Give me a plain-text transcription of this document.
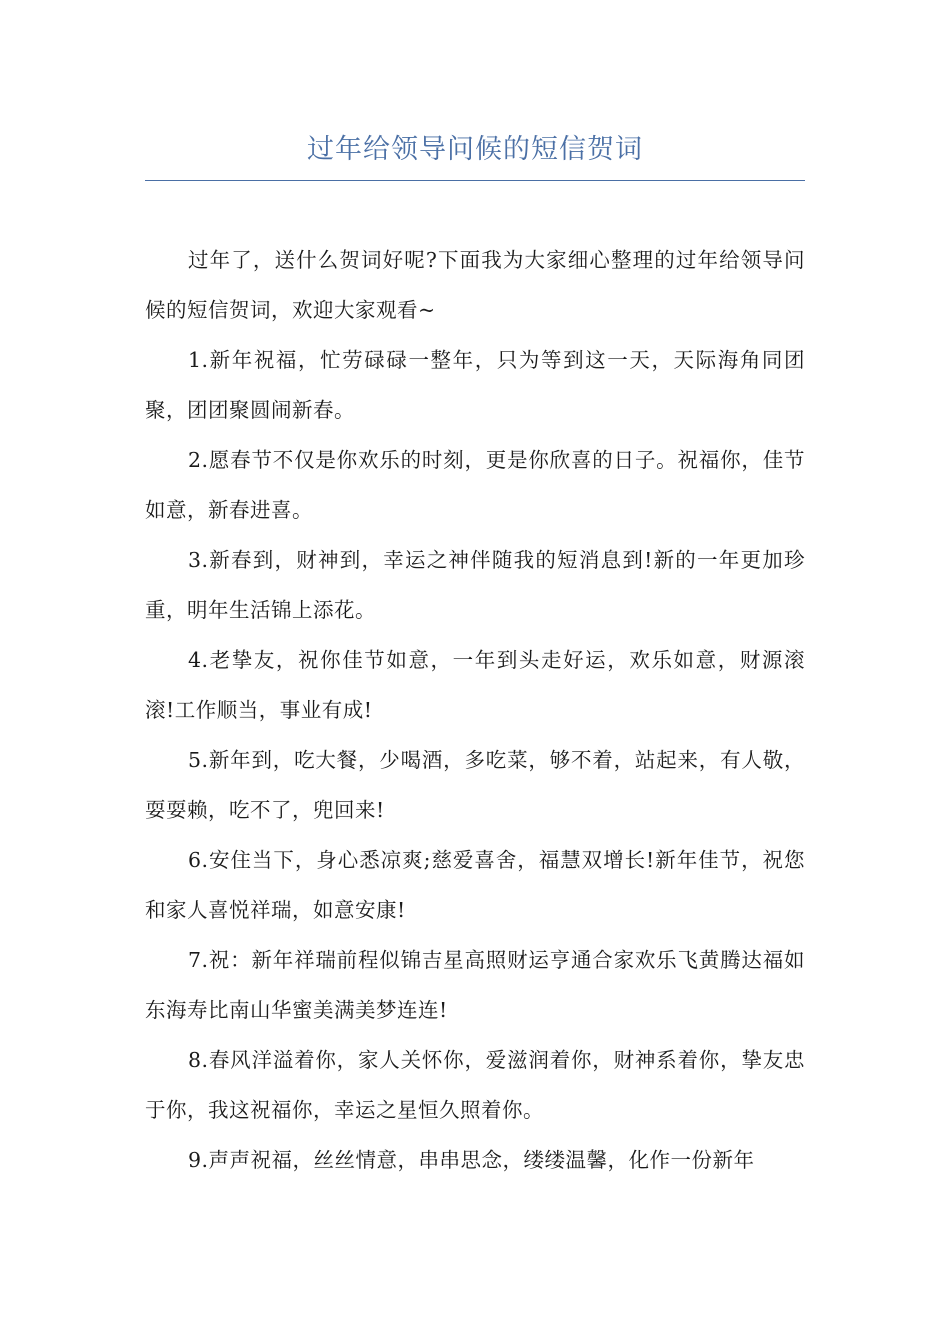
过年给领导问候的短信贺词

过年了，送什么贺词好呢?下面我为大家细心整理的过年给领导问候的短信贺词，欢迎大家观看~

1.新年祝福，忙劳碌碌一整年，只为等到这一天，天际海角同团聚，团团聚圆闹新春。

2.愿春节不仅是你欢乐的时刻，更是你欣喜的日子。祝福你，佳节如意，新春进喜。

3.新春到，财神到，幸运之神伴随我的短消息到!新的一年更加珍重，明年生活锦上添花。

4.老挚友，祝你佳节如意，一年到头走好运，欢乐如意，财源滚滚!工作顺当，事业有成!

5.新年到，吃大餐，少喝酒，多吃菜，够不着，站起来，有人敬，耍耍赖，吃不了，兜回来!

6.安住当下，身心悉凉爽;慈爱喜舍，福慧双增长!新年佳节，祝您和家人喜悦祥瑞，如意安康!

7.祝：新年祥瑞前程似锦吉星高照财运亨通合家欢乐飞黄腾达福如东海寿比南山华蜜美满美梦连连!

8.春风洋溢着你，家人关怀你，爱滋润着你，财神系着你，挚友忠于你，我这祝福你，幸运之星恒久照着你。

9.声声祝福，丝丝情意，串串思念，缕缕温馨，化作一份新年
